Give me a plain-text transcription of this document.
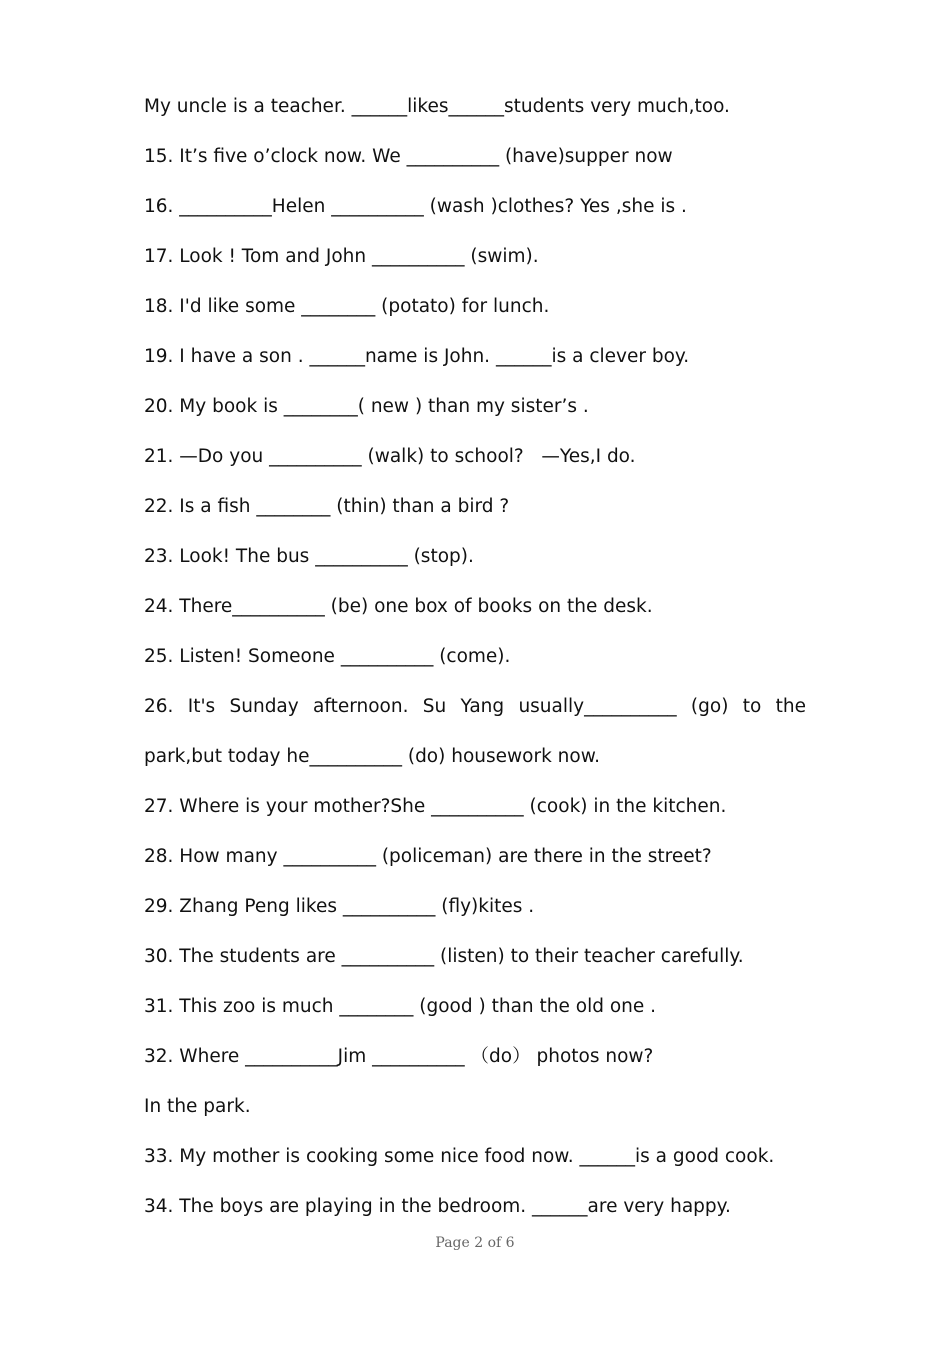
My uncle is a teacher. ______likes______students very much,too.
15. It’s five o’clock now. We __________ (have)supper now
16. __________Helen __________ (wash )clothes? Yes ,she is .
17. Look ! Tom and John __________ (swim).
18. I'd like some ________ (potato) for lunch.
19. I have a son . ______name is John. ______is a clever boy.
20. My book is ________( new ) than my sister’s .
21. —Do you __________ (walk) to school?   —Yes,I do.
22. Is a fish ________ (thin) than a bird ?
23. Look! The bus __________ (stop).
24. There__________ (be) one box of books on the desk.
25. Listen! Someone __________ (come).
26. It's Sunday afternoon. Su Yang usually__________ (go) to the
park,but today he__________ (do) housework now.
27. Where is your mother?She __________ (cook) in the kitchen.
28. How many __________ (policeman) are there in the street?
29. Zhang Peng likes __________ (fly)kites .
30. The students are __________ (listen) to their teacher carefully.
31. This zoo is much ________ (good ) than the old one .
32. Where __________Jim __________ （do） photos now?
In the park.
33. My mother is cooking some nice food now. ______is a good cook.
34. The boys are playing in the bedroom. ______are very happy.
Page 2 of 6
